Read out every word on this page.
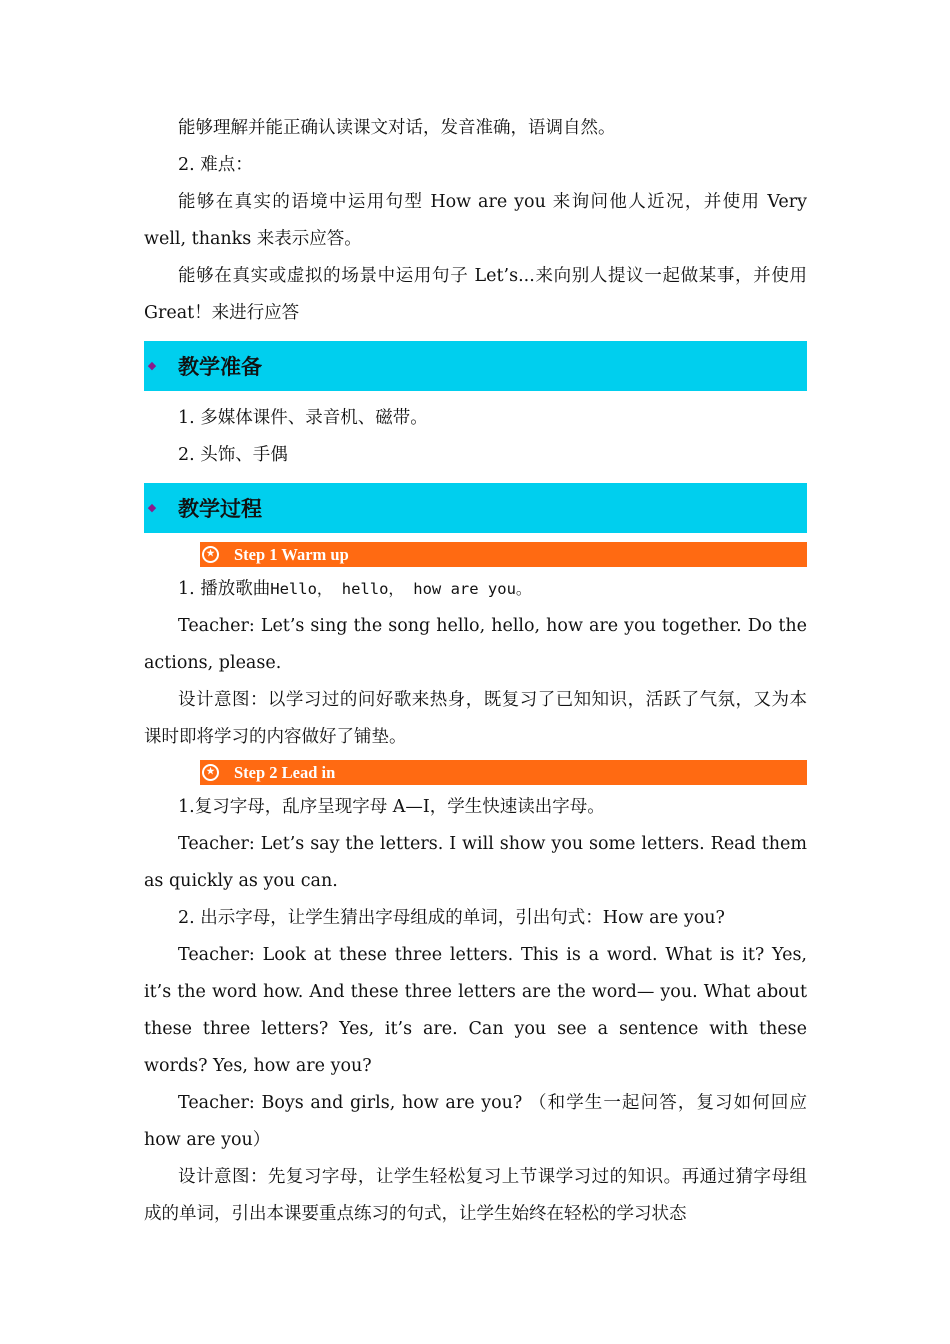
能够理解并能正确认读课文对话，发音准确，语调自然。

2. 难点：

能够在真实的语境中运用句型 How are you 来询问他人近况，并使用 Very well, thanks 来表示应答。

能够在真实或虚拟的场景中运用句子 Let’s...来向别人提议一起做某事，并使用 Great！来进行应答

◆ 教学准备

1. 多媒体课件、录音机、磁带。

2. 头饰、手偶

◆ 教学过程
★ Step 1 Warm up

1. 播放歌曲Hello， hello， how are you。

Teacher: Let’s sing the song hello, hello, how are you together. Do the actions, please.

设计意图：以学习过的问好歌来热身，既复习了已知知识，活跃了气氛，又为本课时即将学习的内容做好了铺垫。

★ Step 2 Lead in

1.复习字母，乱序呈现字母 A—I，学生快速读出字母。

Teacher: Let’s say the letters. I will show you some letters. Read them as quickly as you can.

2. 出示字母，让学生猜出字母组成的单词，引出句式：How are you?

Teacher: Look at these three letters. This is a word. What is it? Yes, it’s the word how. And these three letters are the word— you. What about these three letters? Yes, it’s are. Can you see a sentence with these words? Yes, how are you?

Teacher: Boys and girls, how are you? （和学生一起问答，复习如何回应 how are you）

设计意图：先复习字母，让学生轻松复习上节课学习过的知识。再通过猜字母组成的单词，引出本课要重点练习的句式，让学生始终在轻松的学习状态
